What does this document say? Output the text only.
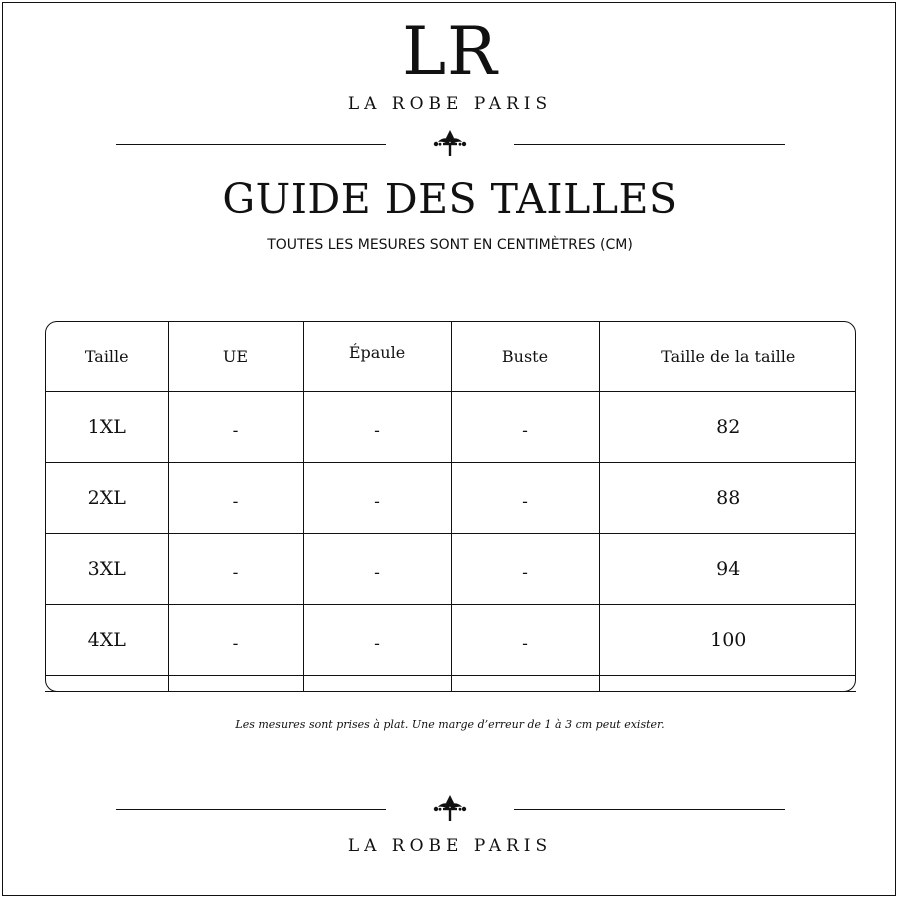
LR
LA ROBE PARIS
GUIDE DES TAILLES
TOUTES LES MESURES SONT EN CENTIMÈTRES (CM)
Taille	UE	Épaule	Buste	Taille de la taille
1XL	-	-	-	82
2XL	-	-	-	88
3XL	-	-	-	94
4XL	-	-	-	100

Les mesures sont prises à plat. Une marge d’erreur de 1 à 3 cm peut exister.
LA ROBE PARIS
